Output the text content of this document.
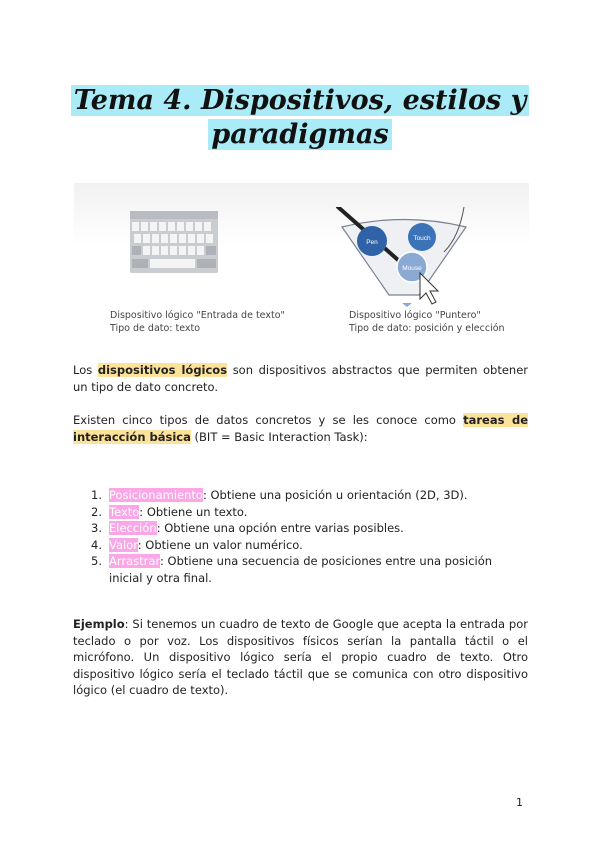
Tema 4. Dispositivos, estilos y
paradigmas
Pen
Touch
Mouse
Dispositivo lógico "Entrada de texto"
Tipo de dato: texto
Dispositivo lógico "Puntero"
Tipo de dato: posición y elección

Los dispositivos lógicos son dispositivos abstractos que permiten obtener un tipo de dato concreto.

Existen cinco tipos de datos concretos y se les conoce como tareas de interacción básica (BIT = Basic Interaction Task):

1. Posicionamiento: Obtiene una posición u orientación (2D, 3D).
2. Texto: Obtiene un texto.
3. Elección: Obtiene una opción entre varias posibles.
4. Valor: Obtiene un valor numérico.
5. Arrastrar: Obtiene una secuencia de posiciones entre una posición inicial y otra final.

Ejemplo: Si tenemos un cuadro de texto de Google que acepta la entrada por teclado o por voz. Los dispositivos físicos serían la pantalla táctil o el micrófono. Un dispositivo lógico sería el propio cuadro de texto. Otro dispositivo lógico sería el teclado táctil que se comunica con otro dispositivo lógico (el cuadro de texto).

1
